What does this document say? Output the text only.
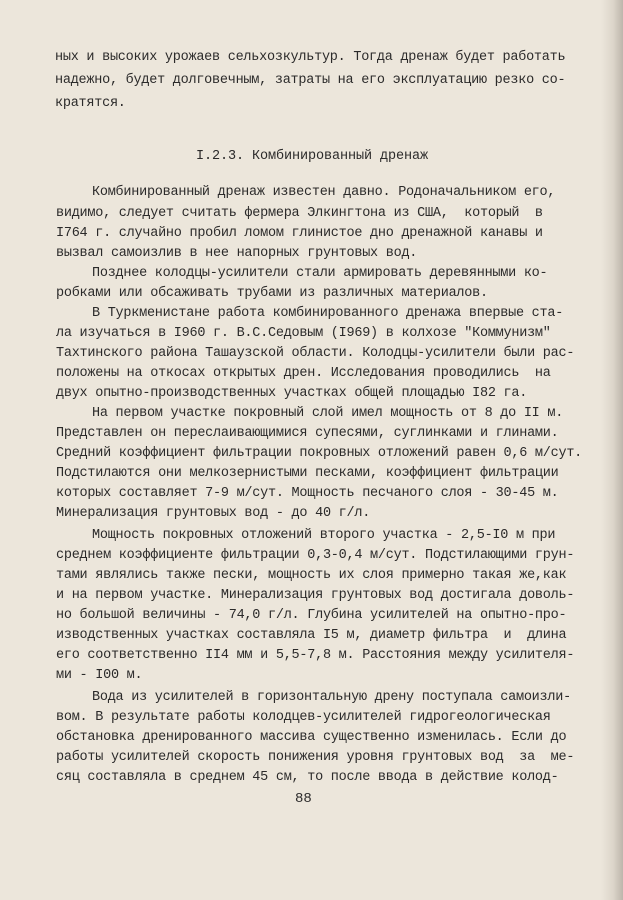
ных и высоких урожаев сельхозкультур. Тогда дренаж будет работать
надежно, будет долговечным, затраты на его эксплуатацию резко со-
кратятся.
I.2.3. Комбинированный дренаж
Комбинированный дренаж известен давно. Родоначальником его,
видимо, следует считать фермера Элкингтона из США,  который  в
I764 г. случайно пробил ломом глинистое дно дренажной канавы и
вызвал самоизлив в нее напорных грунтовых вод.
Позднее колодцы-усилители стали армировать деревянными ко-
робками или обсаживать трубами из различных материалов.
В Туркменистане работа комбинированного дренажа впервые ста-
ла изучаться в I960 г. В.С.Седовым (I969) в колхозе "Коммунизм"
Тахтинского района Ташаузской области. Колодцы-усилители были рас-
положены на откосах открытых дрен. Исследования проводились  на
двух опытно-производственных участках общей площадью I82 га.
На первом участке покровный слой имел мощность от 8 до II м.
Представлен он переслаивающимися супесями, суглинками и глинами.
Средний коэффициент фильтрации покровных отложений равен 0,6 м/сут.
Подстилаются они мелкозернистыми песками, коэффициент фильтрации
которых составляет 7-9 м/сут. Мощность песчаного слоя - 30-45 м.
Минерализация грунтовых вод - до 40 г/л.
Мощность покровных отложений второго участка - 2,5-I0 м при
среднем коэффициенте фильтрации 0,3-0,4 м/сут. Подстилающими грун-
тами являлись также пески, мощность их слоя примерно такая же,как
и на первом участке. Минерализация грунтовых вод достигала доволь-
но большой величины - 74,0 г/л. Глубина усилителей на опытно-про-
изводственных участках составляла I5 м, диаметр фильтра  и  длина
его соответственно II4 мм и 5,5-7,8 м. Расстояния между усилителя-
ми - I00 м.
Вода из усилителей в горизонтальную дрену поступала самоизли-
вом. В результате работы колодцев-усилителей гидрогеологическая
обстановка дренированного массива существенно изменилась. Если до
работы усилителей скорость понижения уровня грунтовых вод  за  ме-
сяц составляла в среднем 45 см, то после ввода в действие колод-
88
